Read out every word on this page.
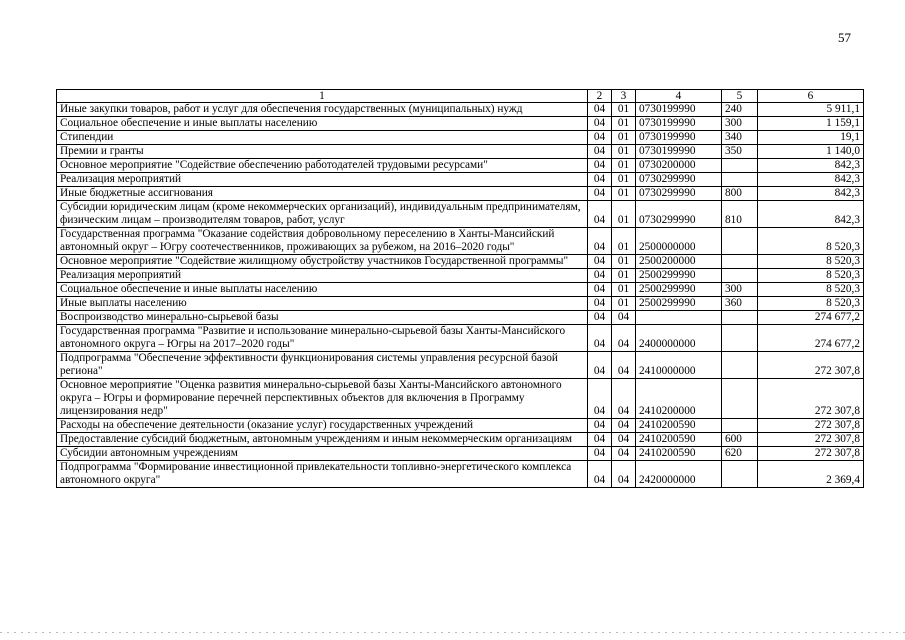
57
1	2	3	4	5	6
Иные закупки товаров, работ и услуг для обеспечения государственных (муниципальных) нужд	04	01	0730199990	240	5 911,1
Социальное обеспечение и иные выплаты населению	04	01	0730199990	300	1 159,1
Стипендии	04	01	0730199990	340	19,1
Премии и гранты	04	01	0730199990	350	1 140,0
Основное мероприятие "Содействие обеспечению работодателей трудовыми ресурсами"	04	01	0730200000		842,3
Реализация мероприятий	04	01	0730299990		842,3
Иные бюджетные ассигнования	04	01	0730299990	800	842,3
Субсидии юридическим лицам (кроме некоммерческих организаций), индивидуальным предпринимателям, физическим лицам – производителям товаров, работ, услуг	04	01	0730299990	810	842,3
Государственная программа "Оказание содействия добровольному переселению в Ханты-Мансийский автономный округ – Югру соотечественников, проживающих за рубежом, на 2016–2020 годы"	04	01	2500000000		8 520,3
Основное мероприятие "Содействие жилищному обустройству участников Государственной программы"	04	01	2500200000		8 520,3
Реализация мероприятий	04	01	2500299990		8 520,3
Социальное обеспечение и иные выплаты населению	04	01	2500299990	300	8 520,3
Иные выплаты населению	04	01	2500299990	360	8 520,3
Воспроизводство минерально-сырьевой базы	04	04			274 677,2
Государственная программа "Развитие и использование минерально-сырьевой базы Ханты-Мансийского автономного округа – Югры на 2017–2020 годы"	04	04	2400000000		274 677,2
Подпрограмма "Обеспечение эффективности функционирования системы управления ресурсной базой региона"	04	04	2410000000		272 307,8
Основное мероприятие "Оценка развития минерально-сырьевой базы Ханты-Мансийского автономного округа – Югры и формирование перечней перспективных объектов для включения в Программу лицензирования недр"	04	04	2410200000		272 307,8
Расходы на обеспечение деятельности (оказание услуг) государственных учреждений	04	04	2410200590		272 307,8
Предоставление субсидий бюджетным, автономным учреждениям и иным некоммерческим организациям	04	04	2410200590	600	272 307,8
Субсидии автономным учреждениям	04	04	2410200590	620	272 307,8
Подпрограмма "Формирование инвестиционной привлекательности топливно-энергетического комплекса автономного округа"	04	04	2420000000		2 369,4
